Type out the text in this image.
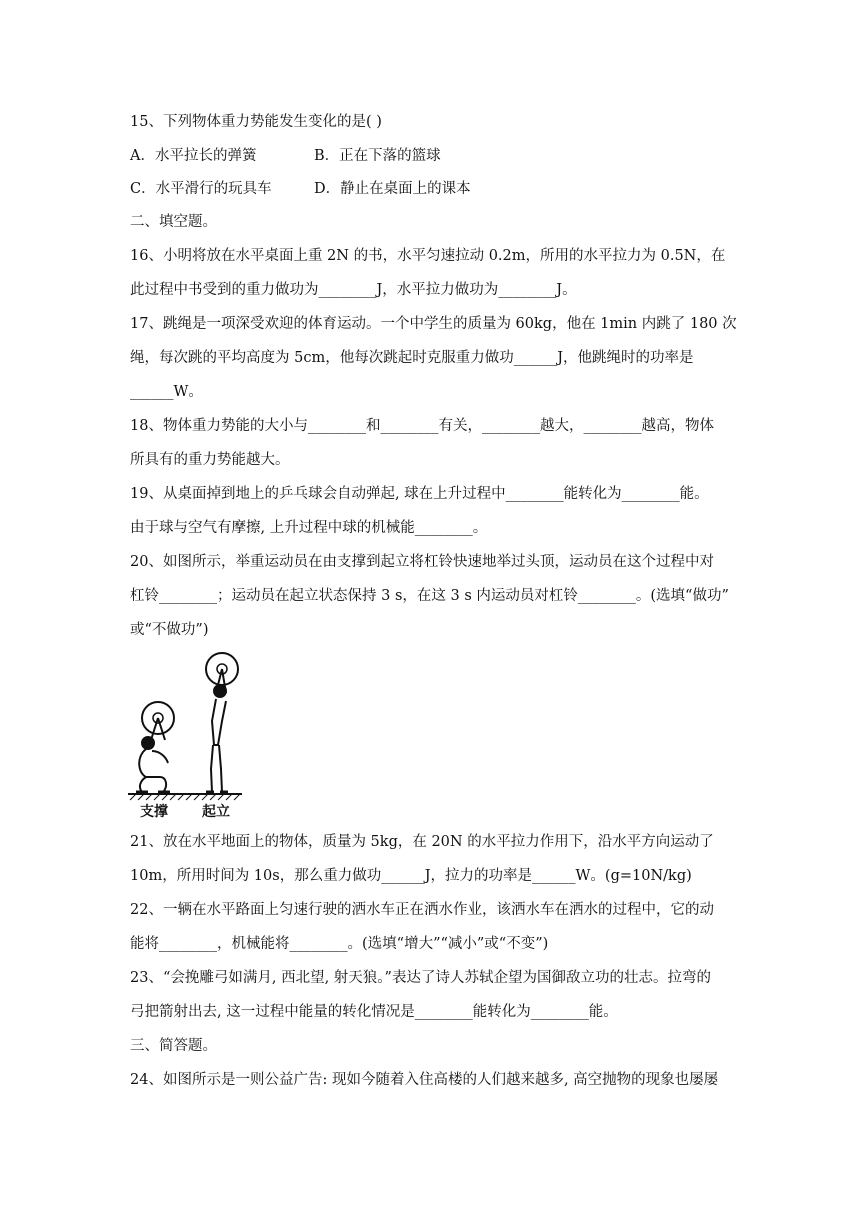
15、下列物体重力势能发生变化的是( )
A．水平拉长的弹簧	B．正在下落的篮球
C．水平滑行的玩具车	D．静止在桌面上的课本
二、填空题。
16、小明将放在水平桌面上重 2N 的书，水平匀速拉动 0.2m，所用的水平拉力为 0.5N，在
此过程中书受到的重力做功为________J，水平拉力做功为________J。
17、跳绳是一项深受欢迎的体育运动。一个中学生的质量为 60kg，他在 1min 内跳了 180 次
绳，每次跳的平均高度为 5cm，他每次跳起时克服重力做功______J，他跳绳时的功率是
______W。
18、物体重力势能的大小与________和________有关，________越大，________越高，物体
所具有的重力势能越大。
19、从桌面掉到地上的乒乓球会自动弹起, 球在上升过程中________能转化为________能。
由于球与空气有摩擦, 上升过程中球的机械能________。
20、如图所示，举重运动员在由支撑到起立将杠铃快速地举过头顶，运动员在这个过程中对
杠铃________；运动员在起立状态保持 3 s，在这 3 s 内运动员对杠铃________。(选填“做功”
或“不做功”)
支撑 起立
21、放在水平地面上的物体，质量为 5kg，在 20N 的水平拉力作用下，沿水平方向运动了
10m，所用时间为 10s，那么重力做功______J，拉力的功率是______W。(g=10N/kg)
22、一辆在水平路面上匀速行驶的洒水车正在洒水作业，该洒水车在洒水的过程中，它的动
能将________，机械能将________。(选填“增大”“减小”或“不变”)
23、“会挽雕弓如满月, 西北望, 射天狼。”表达了诗人苏轼企望为国御敌立功的壮志。拉弯的
弓把箭射出去, 这一过程中能量的转化情况是________能转化为________能。
三、简答题。
24、如图所示是一则公益广告: 现如今随着入住高楼的人们越来越多, 高空抛物的现象也屡屡
